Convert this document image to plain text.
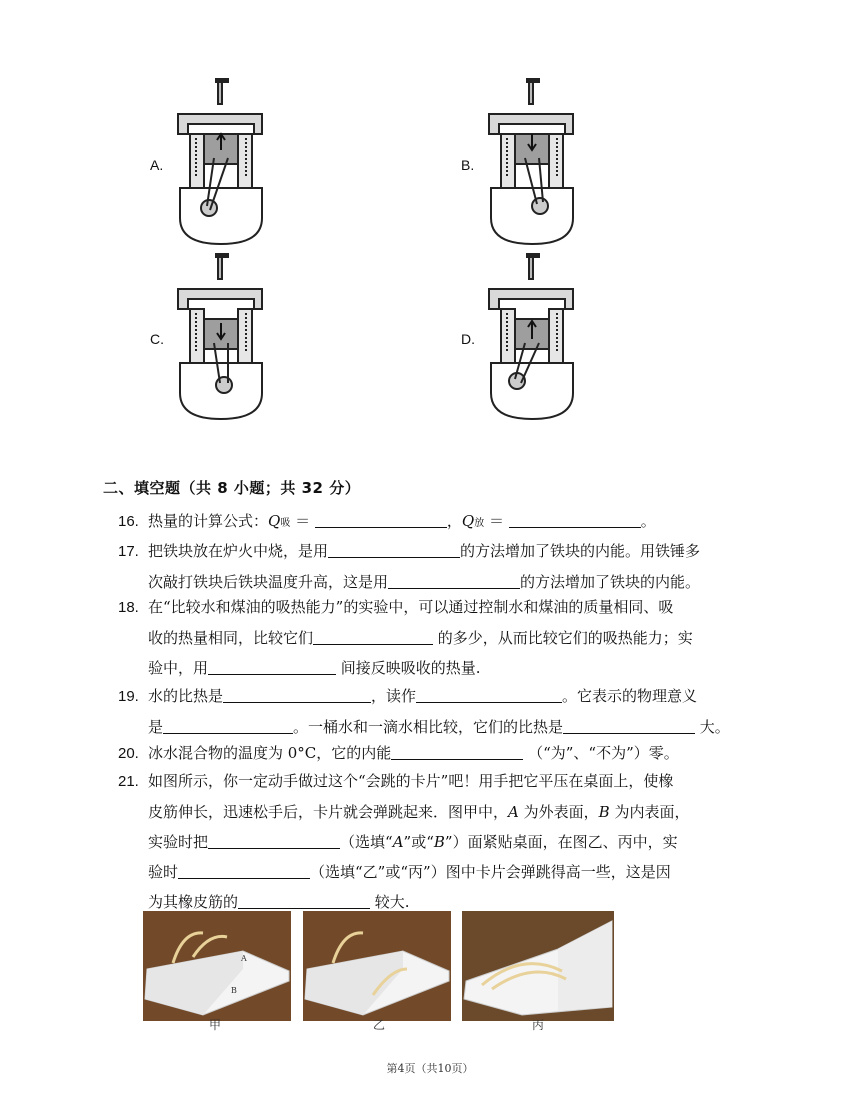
A.	B.
C.	D.
二、填空题（共 8 小题；共 32 分）
16. 热量的计算公式：Q吸 ＝	，Q放 ＝	。
17. 把铁块放在炉火中烧，是用	的方法增加了铁块的内能。用铁锤多
次敲打铁块后铁块温度升高，这是用	的方法增加了铁块的内能。
18. 在“比较水和煤油的吸热能力”的实验中，可以通过控制水和煤油的质量相同、吸
收的热量相同，比较它们	的多少，从而比较它们的吸热能力；实
验中，用	间接反映吸收的热量.
19. 水的比热是	，读作	。它表示的物理意义
是	。一桶水和一滴水相比较，它们的比热是	大。
20. 冰水混合物的温度为 0°C，它的内能	（“为”、“不为”）零。
21. 如图所示，你一定动手做过这个“会跳的卡片”吧！用手把它平压在桌面上，使橡
皮筋伸长，迅速松手后，卡片就会弹跳起来．图甲中，A 为外表面，B 为内表面，
实验时把	（选填“A”或“B”）面紧贴桌面，在图乙、丙中，实
验时	（选填“乙”或“丙”）图中卡片会弹跳得高一些，这是因
为其橡皮筋的	较大.
A
B
甲	乙	丙
第4页（共10页）
